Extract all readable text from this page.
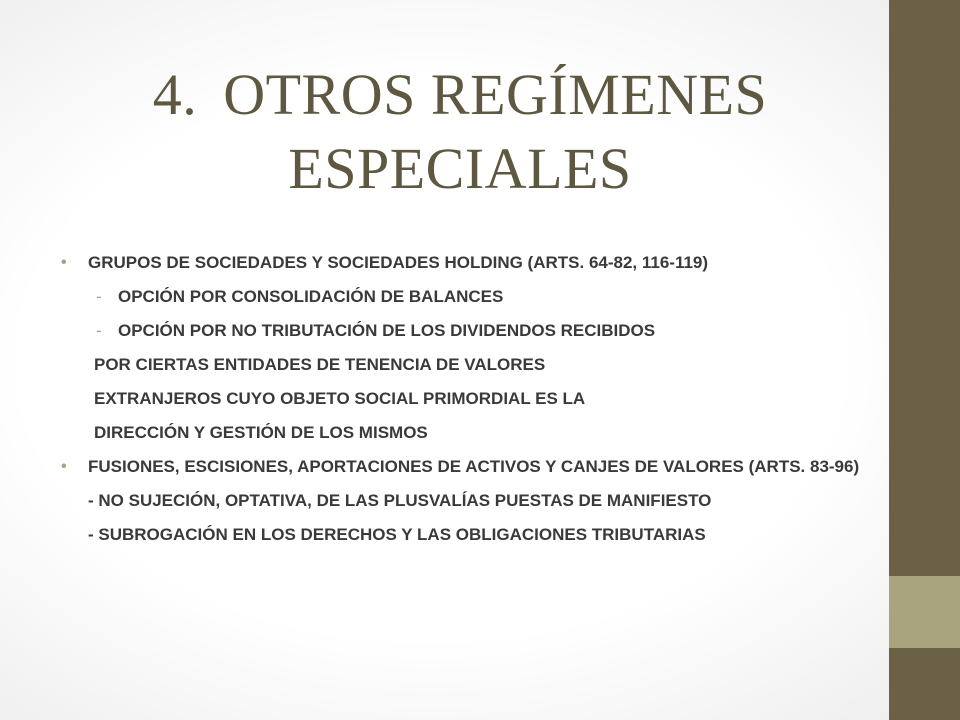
4. OTROS REGÍMENES ESPECIALES
• GRUPOS DE SOCIEDADES Y SOCIEDADES HOLDING (ARTS. 64-82, 116-119)
- OPCIÓN POR CONSOLIDACIÓN DE BALANCES
- OPCIÓN POR NO TRIBUTACIÓN DE LOS DIVIDENDOS RECIBIDOS
POR CIERTAS ENTIDADES DE TENENCIA DE VALORES
EXTRANJEROS CUYO OBJETO SOCIAL PRIMORDIAL ES LA
DIRECCIÓN Y GESTIÓN DE LOS MISMOS
• FUSIONES, ESCISIONES, APORTACIONES DE ACTIVOS Y CANJES DE VALORES (ARTS. 83-96)
- NO SUJECIÓN, OPTATIVA, DE LAS PLUSVALÍAS PUESTAS DE MANIFIESTO
- SUBROGACIÓN EN LOS DERECHOS Y LAS OBLIGACIONES TRIBUTARIAS
